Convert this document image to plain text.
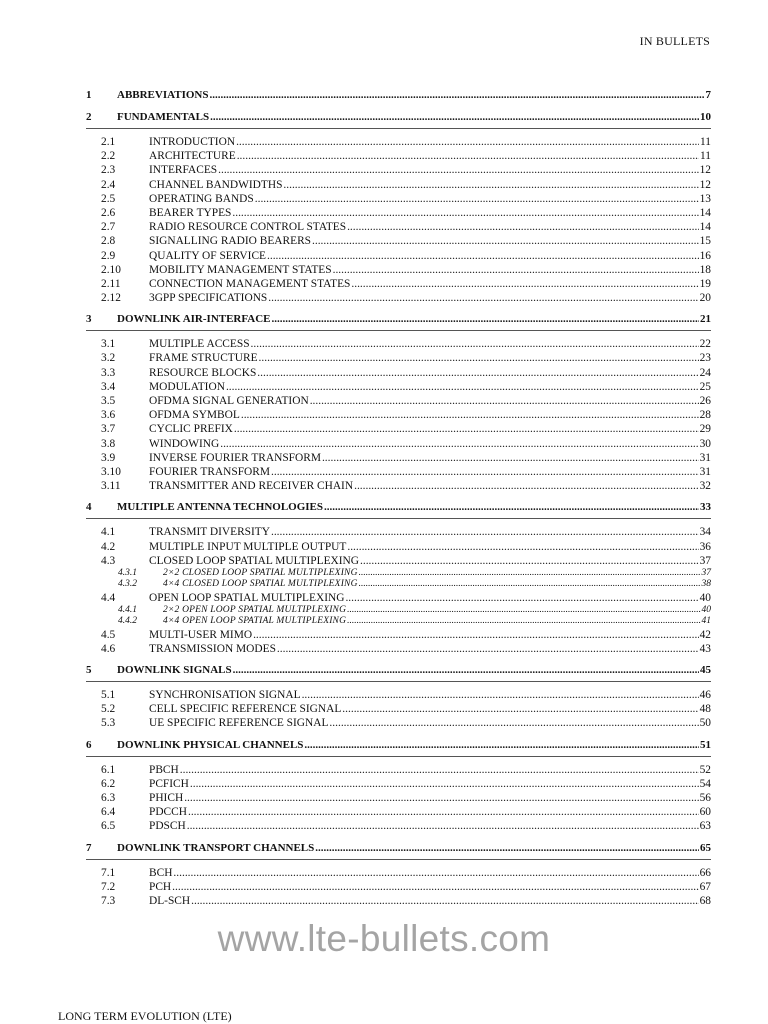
IN BULLETS
1	ABBREVIATIONS .....	7
2	FUNDAMENTALS .....	10
2.1	INTRODUCTION .....	11
2.2	ARCHITECTURE .....	11
2.3	INTERFACES .....	12
2.4	CHANNEL BANDWIDTHS .....	12
2.5	OPERATING BANDS .....	13
2.6	BEARER TYPES .....	14
2.7	RADIO RESOURCE CONTROL STATES .....	14
2.8	SIGNALLING RADIO BEARERS .....	15
2.9	QUALITY OF SERVICE .....	16
2.10	MOBILITY MANAGEMENT STATES .....	18
2.11	CONNECTION MANAGEMENT STATES .....	19
2.12	3GPP SPECIFICATIONS .....	20
3	DOWNLINK AIR-INTERFACE .....	21
3.1	MULTIPLE ACCESS .....	22
3.2	FRAME STRUCTURE .....	23
3.3	RESOURCE BLOCKS .....	24
3.4	MODULATION .....	25
3.5	OFDMA SIGNAL GENERATION .....	26
3.6	OFDMA SYMBOL .....	28
3.7	CYCLIC PREFIX .....	29
3.8	WINDOWING .....	30
3.9	INVERSE FOURIER TRANSFORM .....	31
3.10	FOURIER TRANSFORM .....	31
3.11	TRANSMITTER AND RECEIVER CHAIN .....	32
4	MULTIPLE ANTENNA TECHNOLOGIES .....	33
4.1	TRANSMIT DIVERSITY .....	34
4.2	MULTIPLE INPUT MULTIPLE OUTPUT .....	36
4.3	CLOSED LOOP SPATIAL MULTIPLEXING .....	37
4.3.1	2×2 CLOSED LOOP SPATIAL MULTIPLEXING .....	37
4.3.2	4×4 CLOSED LOOP SPATIAL MULTIPLEXING .....	38
4.4	OPEN LOOP SPATIAL MULTIPLEXING .....	40
4.4.1	2×2 OPEN LOOP SPATIAL MULTIPLEXING .....	40
4.4.2	4×4 OPEN LOOP SPATIAL MULTIPLEXING .....	41
4.5	MULTI-USER MIMO .....	42
4.6	TRANSMISSION MODES .....	43
5	DOWNLINK SIGNALS .....	45
5.1	SYNCHRONISATION SIGNAL .....	46
5.2	CELL SPECIFIC REFERENCE SIGNAL .....	48
5.3	UE SPECIFIC REFERENCE SIGNAL .....	50
6	DOWNLINK PHYSICAL CHANNELS .....	51
6.1	PBCH .....	52
6.2	PCFICH .....	54
6.3	PHICH .....	56
6.4	PDCCH .....	60
6.5	PDSCH .....	63
7	DOWNLINK TRANSPORT CHANNELS .....	65
7.1	BCH .....	66
7.2	PCH .....	67
7.3	DL-SCH .....	68
www.lte-bullets.com
LONG TERM EVOLUTION (LTE)
